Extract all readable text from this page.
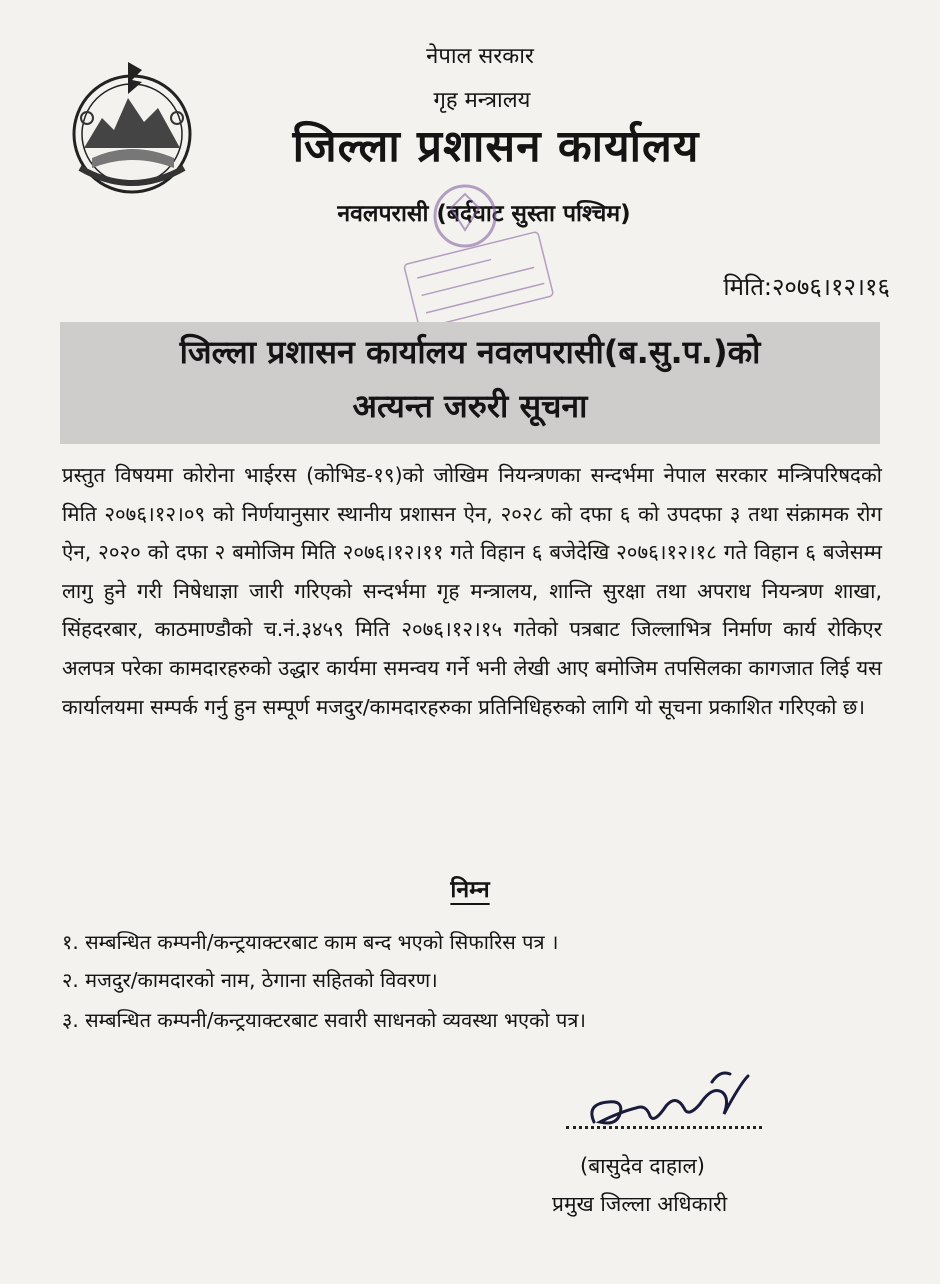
नेपाल सरकार
गृह मन्त्रालय
जिल्ला प्रशासन कार्यालय
नवलपरासी (बर्दघाट सुस्ता पश्चिम)
मिति:२०७६।१२।१६
जिल्ला प्रशासन कार्यालय नवलपरासी(ब.सु.प.)को
अत्यन्त जरुरी सूचना
प्रस्तुत विषयमा कोरोना भाईरस (कोभिड-१९)को जोखिम नियन्त्रणका सन्दर्भमा नेपाल सरकार मन्त्रिपरिषदको मिति २०७६।१२।०९ को निर्णयानुसार स्थानीय प्रशासन ऐन, २०२८ को दफा ६ को उपदफा ३ तथा संक्रामक रोग ऐन, २०२० को दफा २ बमोजिम मिति २०७६।१२।११ गते विहान ६ बजेदेखि २०७६।१२।१८ गते विहान ६ बजेसम्म लागु हुने गरी निषेधाज्ञा जारी गरिएको सन्दर्भमा गृह मन्त्रालय, शान्ति सुरक्षा तथा अपराध नियन्त्रण शाखा, सिंहदरबार, काठमाण्डौको च.नं.३४५९ मिति २०७६।१२।१५ गतेको पत्रबाट जिल्लाभित्र निर्माण कार्य रोकिएर अलपत्र परेका कामदारहरुको उद्धार कार्यमा समन्वय गर्ने भनी लेखी आए बमोजिम तपसिलका कागजात लिई यस कार्यालयमा सम्पर्क गर्नु हुन सम्पूर्ण मजदुर/कामदारहरुका प्रतिनिधिहरुको लागि यो सूचना प्रकाशित गरिएको छ।
निम्न
१. सम्बन्धित कम्पनी/कन्ट्रयाक्टरबाट काम बन्द भएको सिफारिस पत्र ।
२. मजदुर/कामदारको नाम, ठेगाना सहितको विवरण।
३. सम्बन्धित कम्पनी/कन्ट्रयाक्टरबाट सवारी साधनको व्यवस्था भएको पत्र।
(बासुदेव दाहाल)
प्रमुख जिल्ला अधिकारी
